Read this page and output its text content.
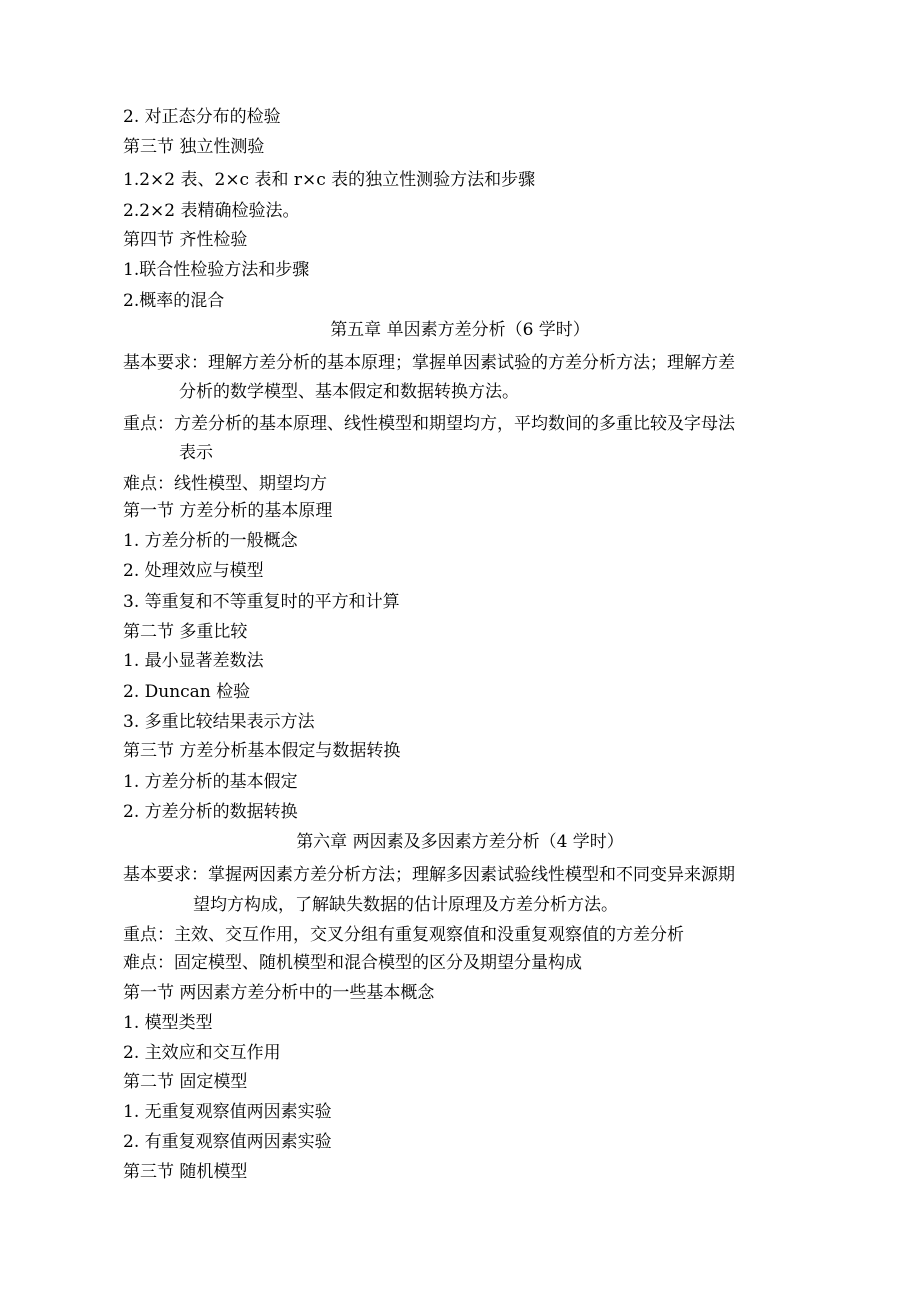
2. 对正态分布的检验
第三节 独立性测验
1.2×2 表、2×c 表和 r×c 表的独立性测验方法和步骤
2.2×2 表精确检验法。
第四节 齐性检验
1.联合性检验方法和步骤
2.概率的混合
第五章 单因素方差分析（6 学时）
基本要求：理解方差分析的基本原理；掌握单因素试验的方差分析方法；理解方差
分析的数学模型、基本假定和数据转换方法。
重点：方差分析的基本原理、线性模型和期望均方，平均数间的多重比较及字母法
表示
难点：线性模型、期望均方
第一节 方差分析的基本原理
1. 方差分析的一般概念
2. 处理效应与模型
3. 等重复和不等重复时的平方和计算
第二节 多重比较
1. 最小显著差数法
2. Duncan 检验
3. 多重比较结果表示方法
第三节 方差分析基本假定与数据转换
1. 方差分析的基本假定
2. 方差分析的数据转换
第六章 两因素及多因素方差分析（4 学时）
基本要求：掌握两因素方差分析方法；理解多因素试验线性模型和不同变异来源期
望均方构成，了解缺失数据的估计原理及方差分析方法。
重点：主效、交互作用，交叉分组有重复观察值和没重复观察值的方差分析
难点：固定模型、随机模型和混合模型的区分及期望分量构成
第一节 两因素方差分析中的一些基本概念
1. 模型类型
2. 主效应和交互作用
第二节 固定模型
1. 无重复观察值两因素实验
2. 有重复观察值两因素实验
第三节 随机模型
